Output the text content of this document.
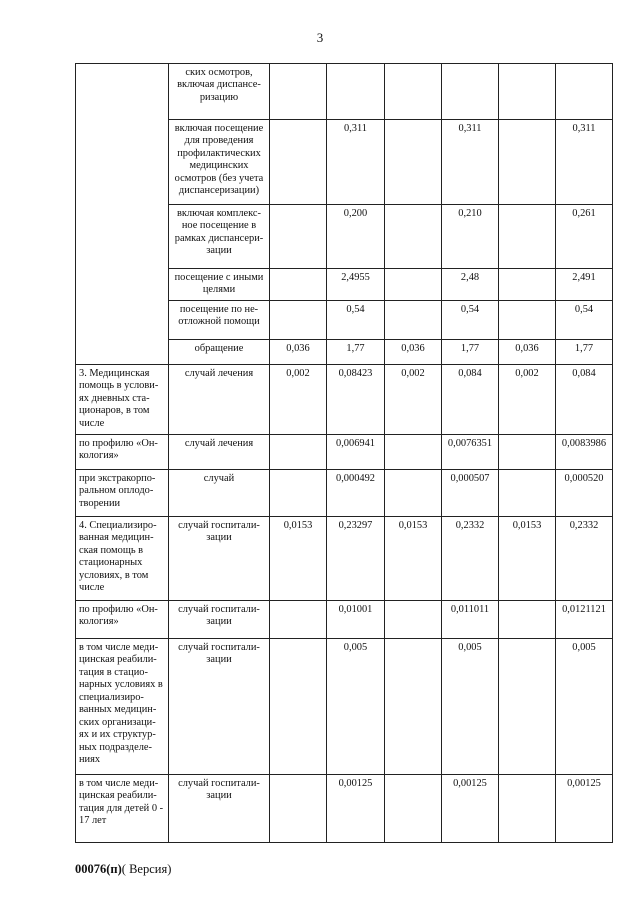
3
	ских осмотров, включая диспансе-ризацию						
	включая посещение для проведения профилактических медицинских осмотров (без учета диспансеризации)		0,311		0,311		0,311
	включая комплекс-ное посещение в рамках диспансери-зации		0,200		0,210		0,261
	посещение с иными целями		2,4955		2,48		2,491
	посещение по не-отложной помощи		0,54		0,54		0,54
	обращение	0,036	1,77	0,036	1,77	0,036	1,77
3. Медицинская помощь в услови-ях дневных ста-ционаров, в том числе	случай лечения	0,002	0,08423	0,002	0,084	0,002	0,084
по профилю «Он-кология»	случай лечения		0,006941		0,0076351		0,0083986
при экстракорпо-ральном оплодо-творении	случай		0,000492		0,000507		0,000520
4. Специализиро-ванная медицин-ская помощь в стационарных условиях, в том числе	случай госпитали-зации	0,0153	0,23297	0,0153	0,2332	0,0153	0,2332
по профилю «Он-кология»	случай госпитали-зации		0,01001		0,011011		0,0121121
в том числе меди-цинская реабили-тация в стацио-нарных условиях в специализиро-ванных медицин-ских организаци-ях и их структур-ных подразделе-ниях	случай госпитали-зации		0,005		0,005		0,005
в том числе меди-цинская реабили-тация для детей 0 - 17 лет	случай госпитали-зации		0,00125		0,00125		0,00125
00076(п)( Версия)
